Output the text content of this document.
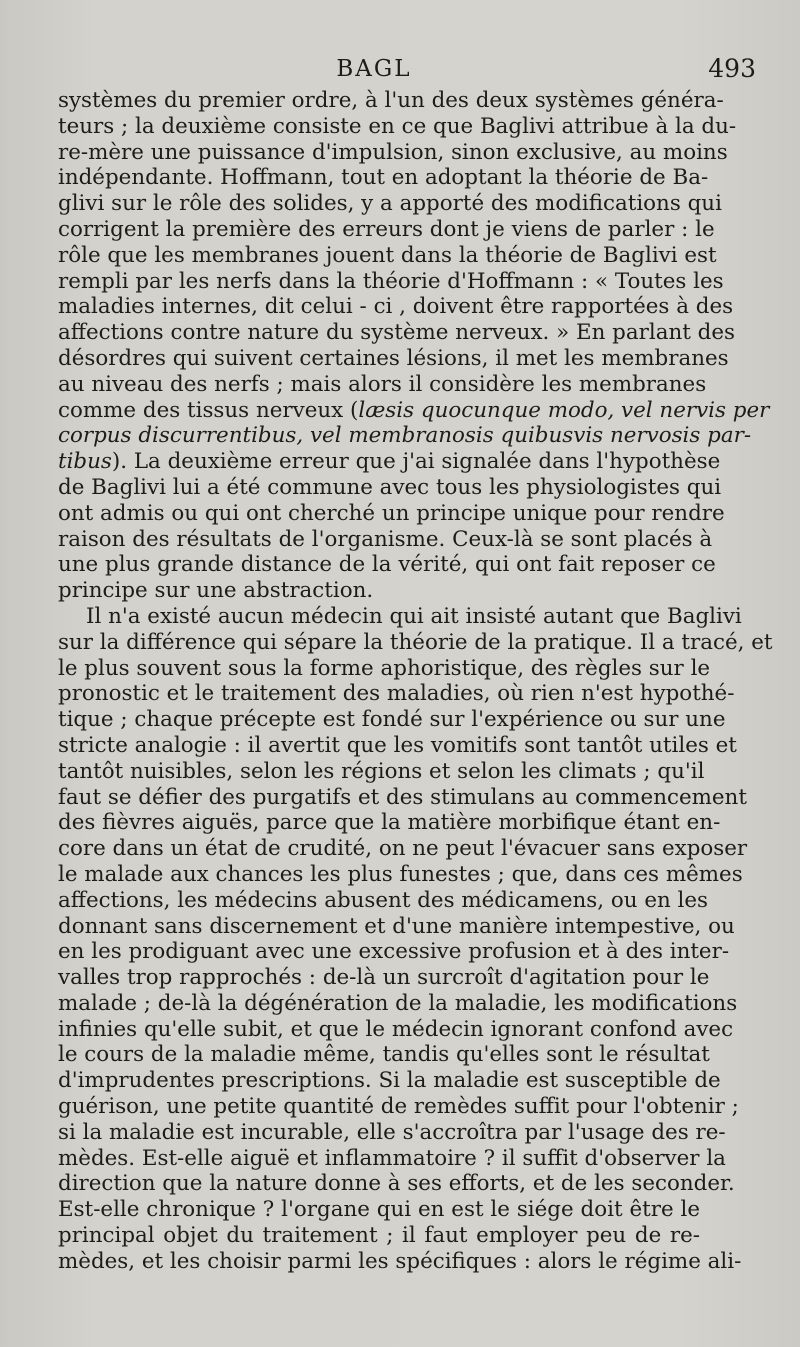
BAGL	493
systèmes du premier ordre, à l'un des deux systèmes généra-
teurs ; la deuxième consiste en ce que Baglivi attribue à la du-
re-mère une puissance d'impulsion, sinon exclusive, au moins
indépendante. Hoffmann, tout en adoptant la théorie de Ba-
glivi sur le rôle des solides, y a apporté des modifications qui
corrigent la première des erreurs dont je viens de parler : le
rôle que les membranes jouent dans la théorie de Baglivi est
rempli par les nerfs dans la théorie d'Hoffmann : « Toutes les
maladies internes, dit celui - ci , doivent être rapportées à des
affections contre nature du système nerveux. » En parlant des
désordres qui suivent certaines lésions, il met les membranes
au niveau des nerfs ; mais alors il considère les membranes
comme des tissus nerveux (læsis quocunque modo, vel nervis per
corpus discurrentibus, vel membranosis quibusvis nervosis par-
tibus). La deuxième erreur que j'ai signalée dans l'hypothèse
de Baglivi lui a été commune avec tous les physiologistes qui
ont admis ou qui ont cherché un principe unique pour rendre
raison des résultats de l'organisme. Ceux-là se sont placés à
une plus grande distance de la vérité, qui ont fait reposer ce
principe sur une abstraction.
Il n'a existé aucun médecin qui ait insisté autant que Baglivi
sur la différence qui sépare la théorie de la pratique. Il a tracé, et
le plus souvent sous la forme aphoristique, des règles sur le
pronostic et le traitement des maladies, où rien n'est hypothé-
tique ; chaque précepte est fondé sur l'expérience ou sur une
stricte analogie : il avertit que les vomitifs sont tantôt utiles et
tantôt nuisibles, selon les régions et selon les climats ; qu'il
faut se défier des purgatifs et des stimulans au commencement
des fièvres aiguës, parce que la matière morbifique étant en-
core dans un état de crudité, on ne peut l'évacuer sans exposer
le malade aux chances les plus funestes ; que, dans ces mêmes
affections, les médecins abusent des médicamens, ou en les
donnant sans discernement et d'une manière intempestive, ou
en les prodiguant avec une excessive profusion et à des inter-
valles trop rapprochés : de-là un surcroît d'agitation pour le
malade ; de-là la dégénération de la maladie, les modifications
infinies qu'elle subit, et que le médecin ignorant confond avec
le cours de la maladie même, tandis qu'elles sont le résultat
d'imprudentes prescriptions. Si la maladie est susceptible de
guérison, une petite quantité de remèdes suffit pour l'obtenir ;
si la maladie est incurable, elle s'accroîtra par l'usage des re-
mèdes. Est-elle aiguë et inflammatoire ? il suffit d'observer la
direction que la nature donne à ses efforts, et de les seconder.
Est-elle chronique ? l'organe qui en est le siége doit être le
principal objet du traitement ; il faut employer peu de re-
mèdes, et les choisir parmi les spécifiques : alors le régime ali-
